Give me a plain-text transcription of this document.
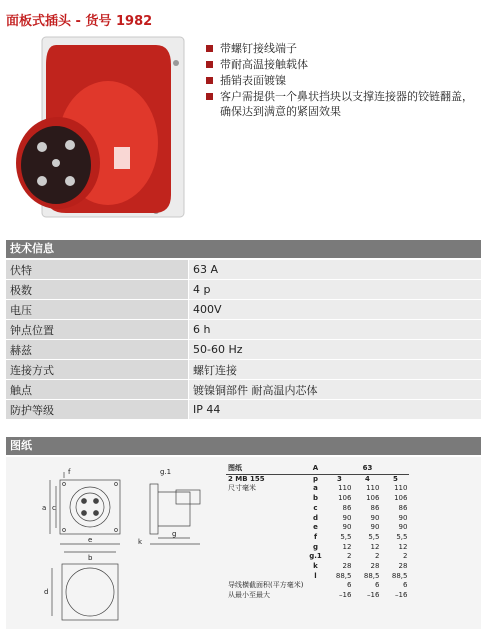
面板式插头 - 货号 1982
带螺钉接线端子
带耐高温接触载体
插销表面镀镍
客户需提供一个鼻状挡块以支撑连接器的铰链翻盖，确保达到满意的紧固效果
技术信息
伏特	63 A
极数	4 p
电压	400V
钟点位置	6 h
赫兹	50-60 Hz
连接方式	螺钉连接
触点	镀镍铜部件 耐高温内芯体
防护等级	IP 44
图纸
f
a c
e
b
g.1
k
g
d
图纸	A	63		
2 MB 155	p	3	4	5
尺寸毫米	a	110	110	110
	b	106	106	106
	c	86	86	86
	d	90	90	90
	e	90	90	90
	f	5,5	5,5	5,5
	g	12	12	12
	g.1	2	2	2
	k	28	28	28
	l	88,5	88,5	88,5
导线横截面积(平方毫米)		6	6	6
从最小至最大		–16	–16	–16
